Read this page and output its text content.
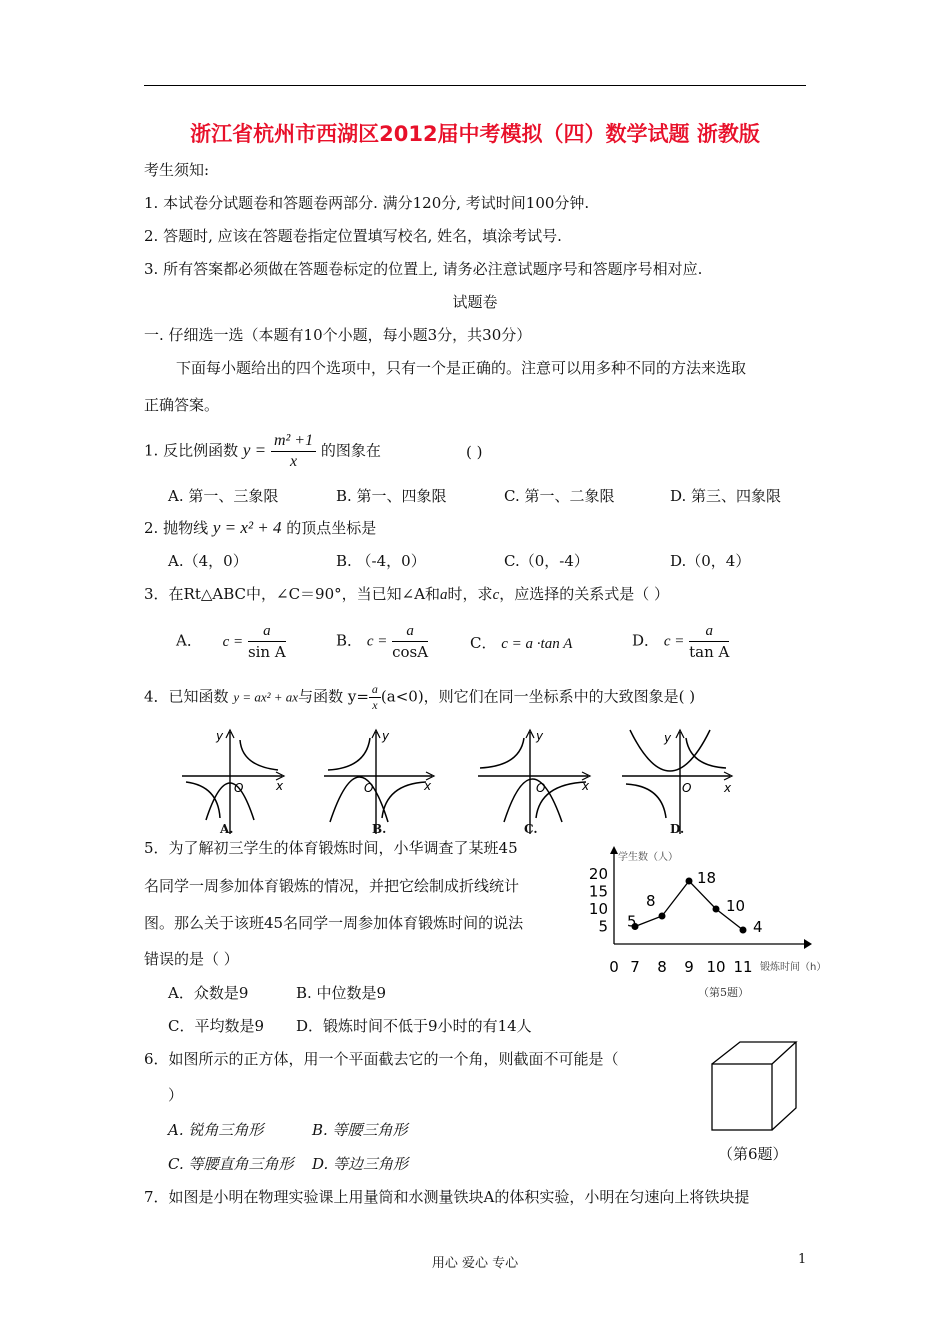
浙江省杭州市西湖区2012届中考模拟（四）数学试题 浙教版
考生须知:
1. 本试卷分试题卷和答题卷两部分. 满分120分, 考试时间100分钟.
2. 答题时, 应该在答题卷指定位置填写校名, 姓名，填涂考试号.
3. 所有答案都必须做在答题卷标定的位置上, 请务必注意试题序号和答题序号相对应.
试题卷
一. 仔细选一选（本题有10个小题，每小题3分，共30分）
下面每小题给出的四个选项中，只有一个是正确的。注意可以用多种不同的方法来选取
正确答案。
1. 反比例函数 $y = \frac{\text{m² +1}}{x}$ 的图象在	( )
A. 第一、三象限	B. 第一、四象限	C. 第一、二象限	D. 第三、四象限
2. 抛物线 y = x² + 4 的顶点坐标是
A.（4，0）	B. （-4，0）	C.（0，-4）	D.（0，4）
3．在Rt△ABC中，∠C＝90°，当已知∠A和a时，求c，应选择的关系式是（ ）
A． $c = \frac{a}{\text{sin A}}$	B． $c = \frac{a}{\cos A}$	C． c = a ·tan A	D． $c = \frac{a}{\text{tan A}}$
4．已知函数 y = ax² + ax与函数 $y= \frac{a}{x} (a<0)$，则它们在同一坐标系中的大致图象是( )
y
x
O
A.
y
x
O
B.
y
x
O
C.
y
x
O
D.
5．为了解初三学生的体育锻炼时间，小华调查了某班45
名同学一周参加体育锻炼的情况，并把它绘制成折线统计
图。那么关于该班45名同学一周参加体育锻炼时间的说法
错误的是（ ）
A．众数是9	B. 中位数是9
C．平均数是9 D．锻炼时间不低于9小时的有14人
学生数（人）
锻炼时间（h）
5
10
15
20
0 7 8 9 10 11
5
8
18
10
4
（第5题）
6．如图所示的正方体，用一个平面截去它的一个角，则截面不可能是（
）
A. 锐角三角形	B. 等腰三角形
C. 等腰直角三角形 D. 等边三角形
（第6题）
7．如图是小明在物理实验课上用量筒和水测量铁块A的体积实验，小明在匀速向上将铁块提
用心 爱心 专心	1
